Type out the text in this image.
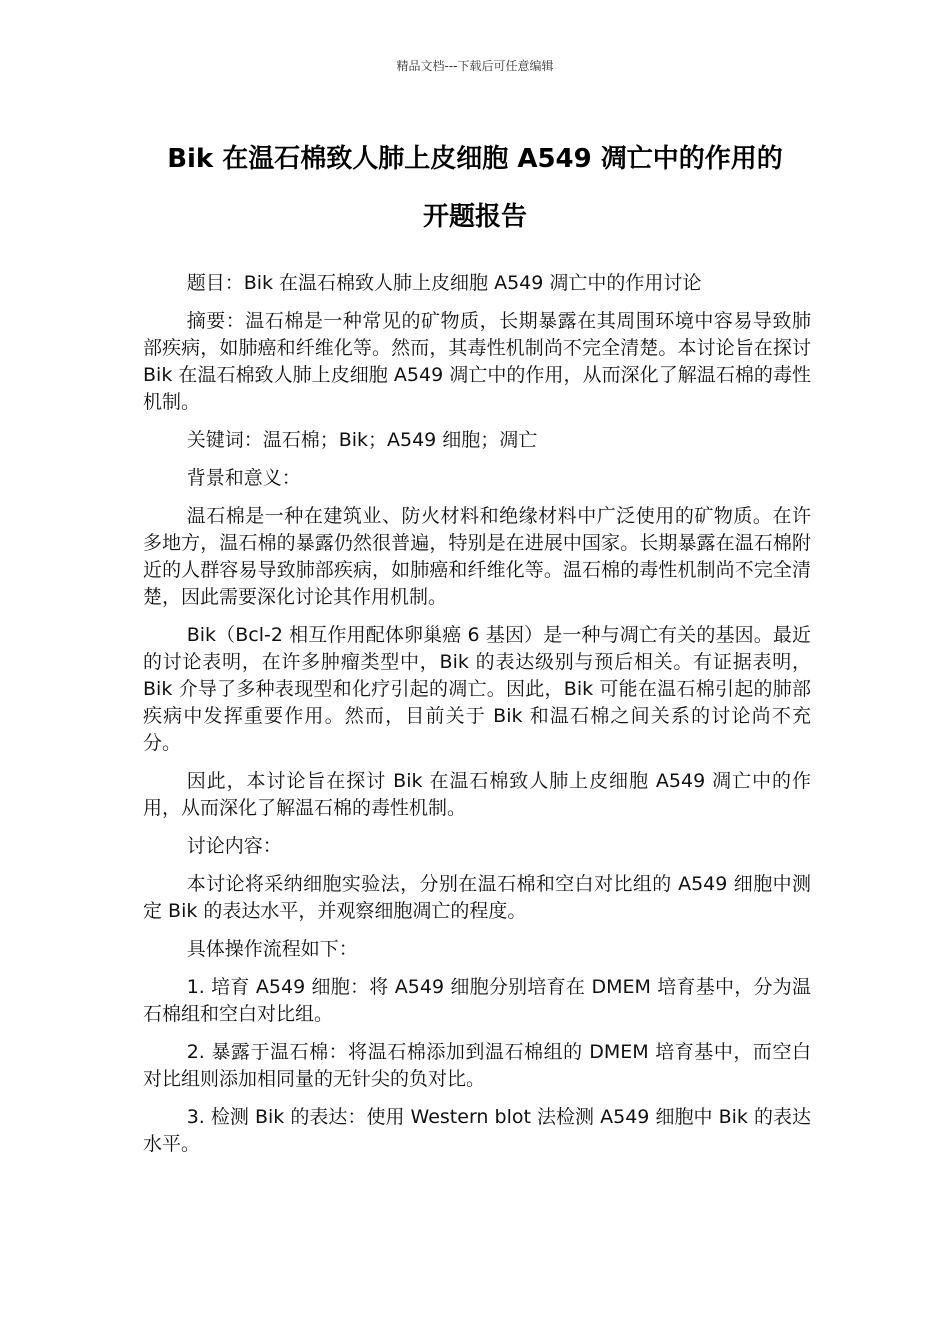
精品文档---下载后可任意编辑
Bik 在温石棉致人肺上皮细胞 A549 凋亡中的作用的
开题报告

题目：Bik 在温石棉致人肺上皮细胞 A549 凋亡中的作用讨论

摘要：温石棉是一种常见的矿物质，长期暴露在其周围环境中容易导致肺部疾病，如肺癌和纤维化等。然而，其毒性机制尚不完全清楚。本讨论旨在探讨 Bik 在温石棉致人肺上皮细胞 A549 凋亡中的作用，从而深化了解温石棉的毒性机制。

关键词：温石棉；Bik；A549 细胞；凋亡

背景和意义：

温石棉是一种在建筑业、防火材料和绝缘材料中广泛使用的矿物质。在许多地方，温石棉的暴露仍然很普遍，特别是在进展中国家。长期暴露在温石棉附近的人群容易导致肺部疾病，如肺癌和纤维化等。温石棉的毒性机制尚不完全清楚，因此需要深化讨论其作用机制。

Bik（Bcl-2 相互作用配体卵巢癌 6 基因）是一种与凋亡有关的基因。最近的讨论表明，在许多肿瘤类型中，Bik 的表达级别与预后相关。有证据表明，Bik 介导了多种表现型和化疗引起的凋亡。因此，Bik 可能在温石棉引起的肺部疾病中发挥重要作用。然而，目前关于 Bik 和温石棉之间关系的讨论尚不充分。

因此，本讨论旨在探讨 Bik 在温石棉致人肺上皮细胞 A549 凋亡中的作用，从而深化了解温石棉的毒性机制。

讨论内容：

本讨论将采纳细胞实验法，分别在温石棉和空白对比组的 A549 细胞中测定 Bik 的表达水平，并观察细胞凋亡的程度。

具体操作流程如下：

1. 培育 A549 细胞：将 A549 细胞分别培育在 DMEM 培育基中，分为温石棉组和空白对比组。

2. 暴露于温石棉：将温石棉添加到温石棉组的 DMEM 培育基中，而空白对比组则添加相同量的无针尖的负对比。

3. 检测 Bik 的表达：使用 Western blot 法检测 A549 细胞中 Bik 的表达水平。
